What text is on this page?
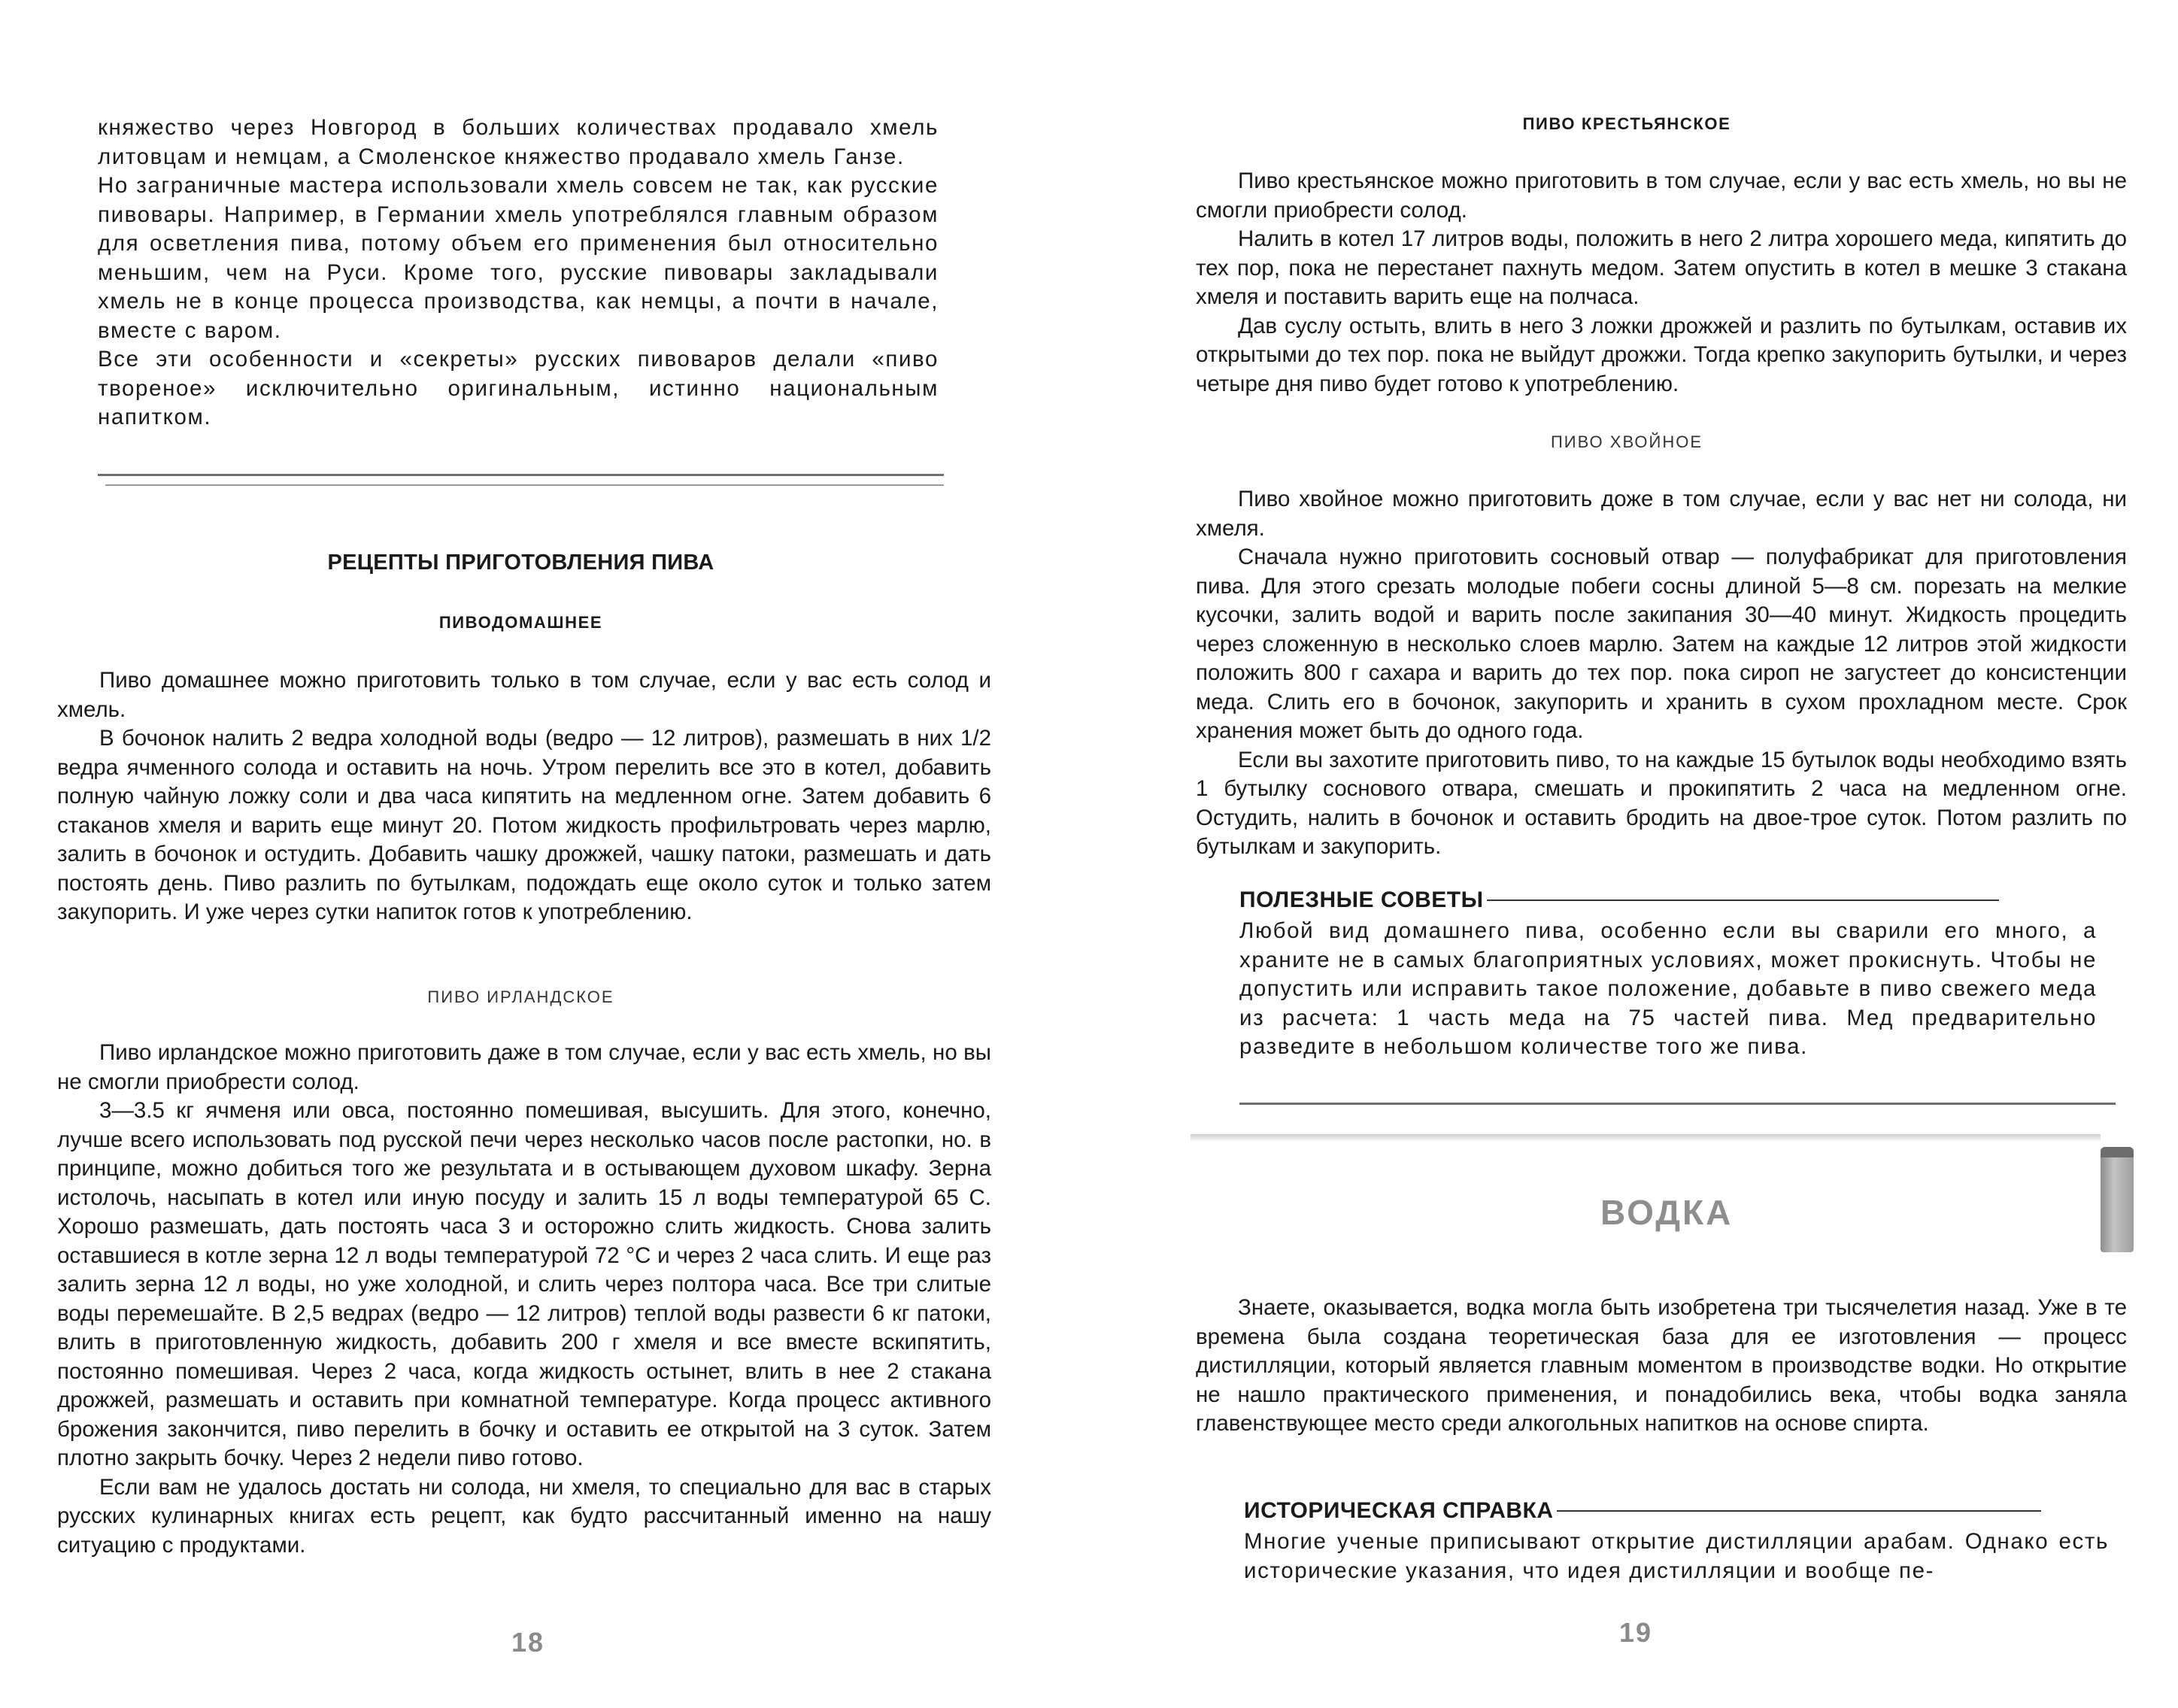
княжество через Новгород в больших количествах продавало хмель литовцам и немцам, а Смоленское княжество продавало хмель Ганзе.

Но заграничные мастера использовали хмель совсем не так, как русские пивовары. Например, в Германии хмель употреблялся главным образом для осветления пива, потому объем его применения был относительно меньшим, чем на Руси. Кроме того, русские пивовары закладывали хмель не в конце процесса производства, как немцы, а почти в начале, вместе с варом.

Все эти особенности и «секреты» русских пивоваров делали «пиво твореное» исключительно оригинальным, истинно национальным напитком.

РЕЦЕПТЫ ПРИГОТОВЛЕНИЯ ПИВА
ПИВОДОМАШНЕЕ

Пиво домашнее можно приготовить только в том случае, если у вас есть солод и хмель.

В бочонок налить 2 ведра холодной воды (ведро — 12 литров), размешать в них 1/2 ведра ячменного солода и оставить на ночь. Утром перелить все это в котел, добавить полную чайную ложку соли и два часа кипятить на медленном огне. Затем добавить 6 стаканов хмеля и варить еще минут 20. Потом жидкость профильтровать через марлю, залить в бочонок и остудить. Добавить чашку дрожжей, чашку патоки, размешать и дать постоять день. Пиво разлить по бутылкам, подождать еще около суток и только затем закупорить. И уже через сутки напиток готов к употреблению.

ПИВО ИРЛАНДСКОЕ

Пиво ирландское можно приготовить даже в том случае, если у вас есть хмель, но вы не смогли приобрести солод.

3—3.5 кг ячменя или овса, постоянно помешивая, высушить. Для этого, конечно, лучше всего использовать под русской печи через несколько часов после растопки, но. в принципе, можно добиться того же результата и в остывающем духовом шкафу. Зерна истолочь, насыпать в котел или иную посуду и залить 15 л воды температурой 65 С. Хорошо размешать, дать постоять часа 3 и осторожно слить жидкость. Снова залить оставшиеся в котле зерна 12 л воды температурой 72 °С и через 2 часа слить. И еще раз залить зерна 12 л воды, но уже холодной, и слить через полтора часа. Все три слитые воды перемешайте. В 2,5 ведрах (ведро — 12 литров) теплой воды развести 6 кг патоки, влить в приготовленную жидкость, добавить 200 г хмеля и все вместе вскипятить, постоянно помешивая. Через 2 часа, когда жидкость остынет, влить в нее 2 стакана дрожжей, размешать и оставить при комнатной температуре. Когда процесс активного брожения закончится, пиво перелить в бочку и оставить ее открытой на 3 суток. Затем плотно закрыть бочку. Через 2 недели пиво готово.

Если вам не удалось достать ни солода, ни хмеля, то специально для вас в старых русских кулинарных книгах есть рецепт, как будто рассчитанный именно на нашу ситуацию с продуктами.

18
ПИВО КРЕСТЬЯНСКОЕ

Пиво крестьянское можно приготовить в том случае, если у вас есть хмель, но вы не смогли приобрести солод.

Налить в котел 17 литров воды, положить в него 2 литра хорошего меда, кипятить до тех пор, пока не перестанет пахнуть медом. Затем опустить в котел в мешке 3 стакана хмеля и поставить варить еще на полчаса.

Дав суслу остыть, влить в него 3 ложки дрожжей и разлить по бутылкам, оставив их открытыми до тех пор. пока не выйдут дрожжи. Тогда крепко закупорить бутылки, и через четыре дня пиво будет готово к употреблению.

ПИВО ХВОЙНОЕ

Пиво хвойное можно приготовить доже в том случае, если у вас нет ни солода, ни хмеля.

Сначала нужно приготовить сосновый отвар — полуфабрикат для приготовления пива. Для этого срезать молодые побеги сосны длиной 5—8 см. порезать на мелкие кусочки, залить водой и варить после закипания 30—40 минут. Жидкость процедить через сложенную в несколько слоев марлю. Затем на каждые 12 литров этой жидкости положить 800 г сахара и варить до тех пор. пока сироп не загустеет до консистенции меда. Слить его в бочонок, закупорить и хранить в сухом прохладном месте. Срок хранения может быть до одного года.

Если вы захотите приготовить пиво, то на каждые 15 бутылок воды необходимо взять 1 бутылку соснового отвара, смешать и прокипятить 2 часа на медленном огне. Остудить, налить в бочонок и оставить бродить на двое-трое суток. Потом разлить по бутылкам и закупорить.

ПОЛЕЗНЫЕ СОВЕТЫ

Любой вид домашнего пива, особенно если вы сварили его много, а храните не в самых благоприятных условиях, может прокиснуть. Чтобы не допустить или исправить такое положение, добавьте в пиво свежего меда из расчета: 1 часть меда на 75 частей пива. Мед предварительно разведите в небольшом количестве того же пива.

ВОДКА

Знаете, оказывается, водка могла быть изобретена три тысячелетия назад. Уже в те времена была создана теоретическая база для ее изготовления — процесс дистилляции, который является главным моментом в производстве водки. Но открытие не нашло практического применения, и понадобились века, чтобы водка заняла главенствующее место среди алкогольных напитков на основе спирта.

ИСТОРИЧЕСКАЯ СПРАВКА

Многие ученые приписывают открытие дистилляции арабам. Однако есть исторические указания, что идея дистилляции и вообще пе-

19
